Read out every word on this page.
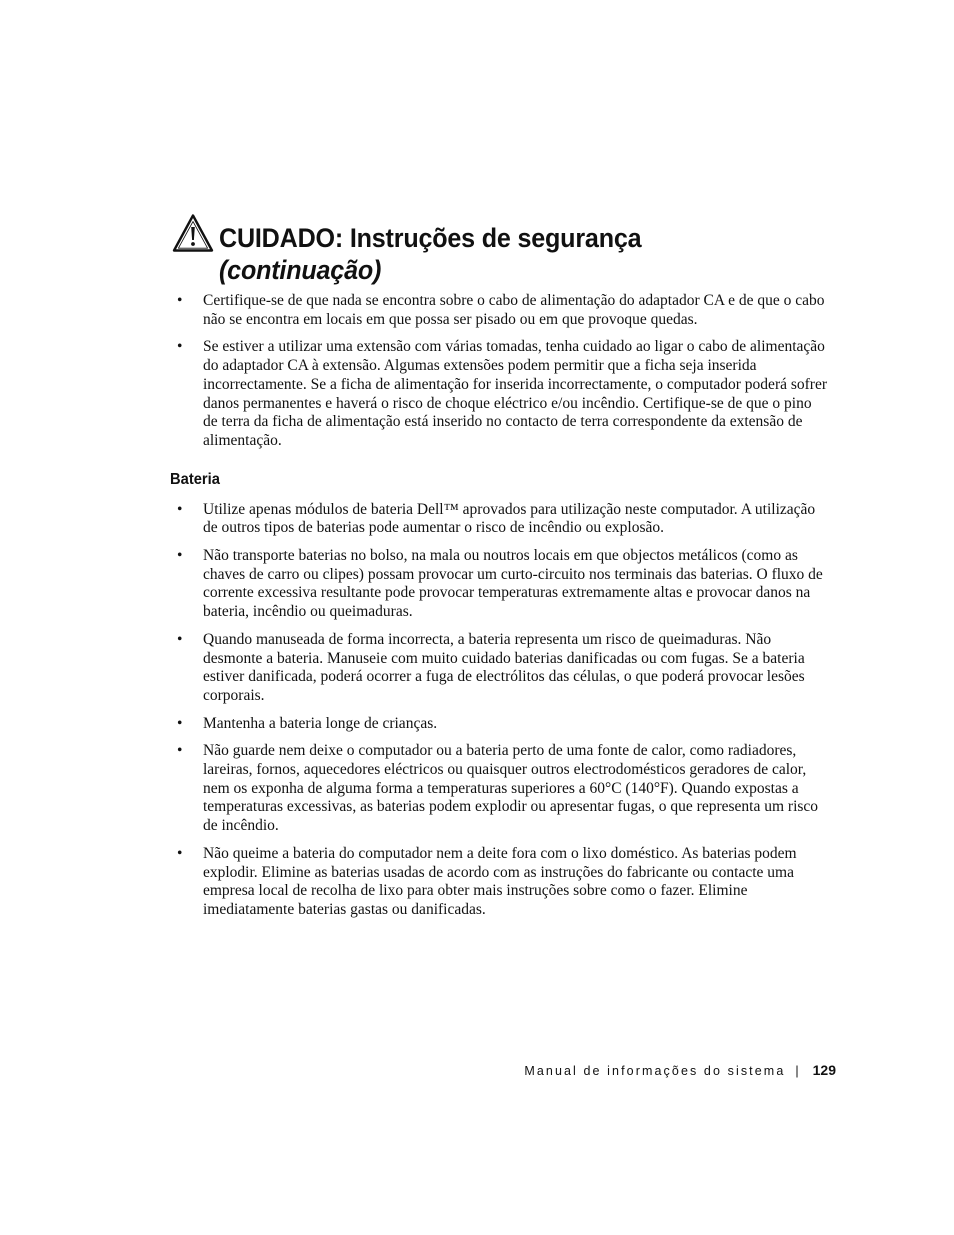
CUIDADO: Instruções de segurança
(continuação)
• Certifique-se de que nada se encontra sobre o cabo de alimentação do adaptador CA e de que o cabo não se encontra em locais em que possa ser pisado ou em que provoque quedas.
• Se estiver a utilizar uma extensão com várias tomadas, tenha cuidado ao ligar o cabo de alimentação do adaptador CA à extensão. Algumas extensões podem permitir que a ficha seja inserida incorrectamente. Se a ficha de alimentação for inserida incorrectamente, o computador poderá sofrer danos permanentes e haverá o risco de choque eléctrico e/ou incêndio. Certifique-se de que o pino de terra da ficha de alimentação está inserido no contacto de terra correspondente da extensão de alimentação.
Bateria
• Utilize apenas módulos de bateria Dell™ aprovados para utilização neste computador. A utilização de outros tipos de baterias pode aumentar o risco de incêndio ou explosão.
• Não transporte baterias no bolso, na mala ou noutros locais em que objectos metálicos (como as chaves de carro ou clipes) possam provocar um curto-circuito nos terminais das baterias. O fluxo de corrente excessiva resultante pode provocar temperaturas extremamente altas e provocar danos na bateria, incêndio ou queimaduras.
• Quando manuseada de forma incorrecta, a bateria representa um risco de queimaduras. Não desmonte a bateria. Manuseie com muito cuidado baterias danificadas ou com fugas. Se a bateria estiver danificada, poderá ocorrer a fuga de electrólitos das células, o que poderá provocar lesões corporais.
• Mantenha a bateria longe de crianças.
• Não guarde nem deixe o computador ou a bateria perto de uma fonte de calor, como radiadores, lareiras, fornos, aquecedores eléctricos ou quaisquer outros electrodomésticos geradores de calor, nem os exponha de alguma forma a temperaturas superiores a 60°C (140°F). Quando expostas a temperaturas excessivas, as baterias podem explodir ou apresentar fugas, o que representa um risco de incêndio.
• Não queime a bateria do computador nem a deite fora com o lixo doméstico. As baterias podem explodir. Elimine as baterias usadas de acordo com as instruções do fabricante ou contacte uma empresa local de recolha de lixo para obter mais instruções sobre como o fazer. Elimine imediatamente baterias gastas ou danificadas.
Manual de informações do sistema | 129
